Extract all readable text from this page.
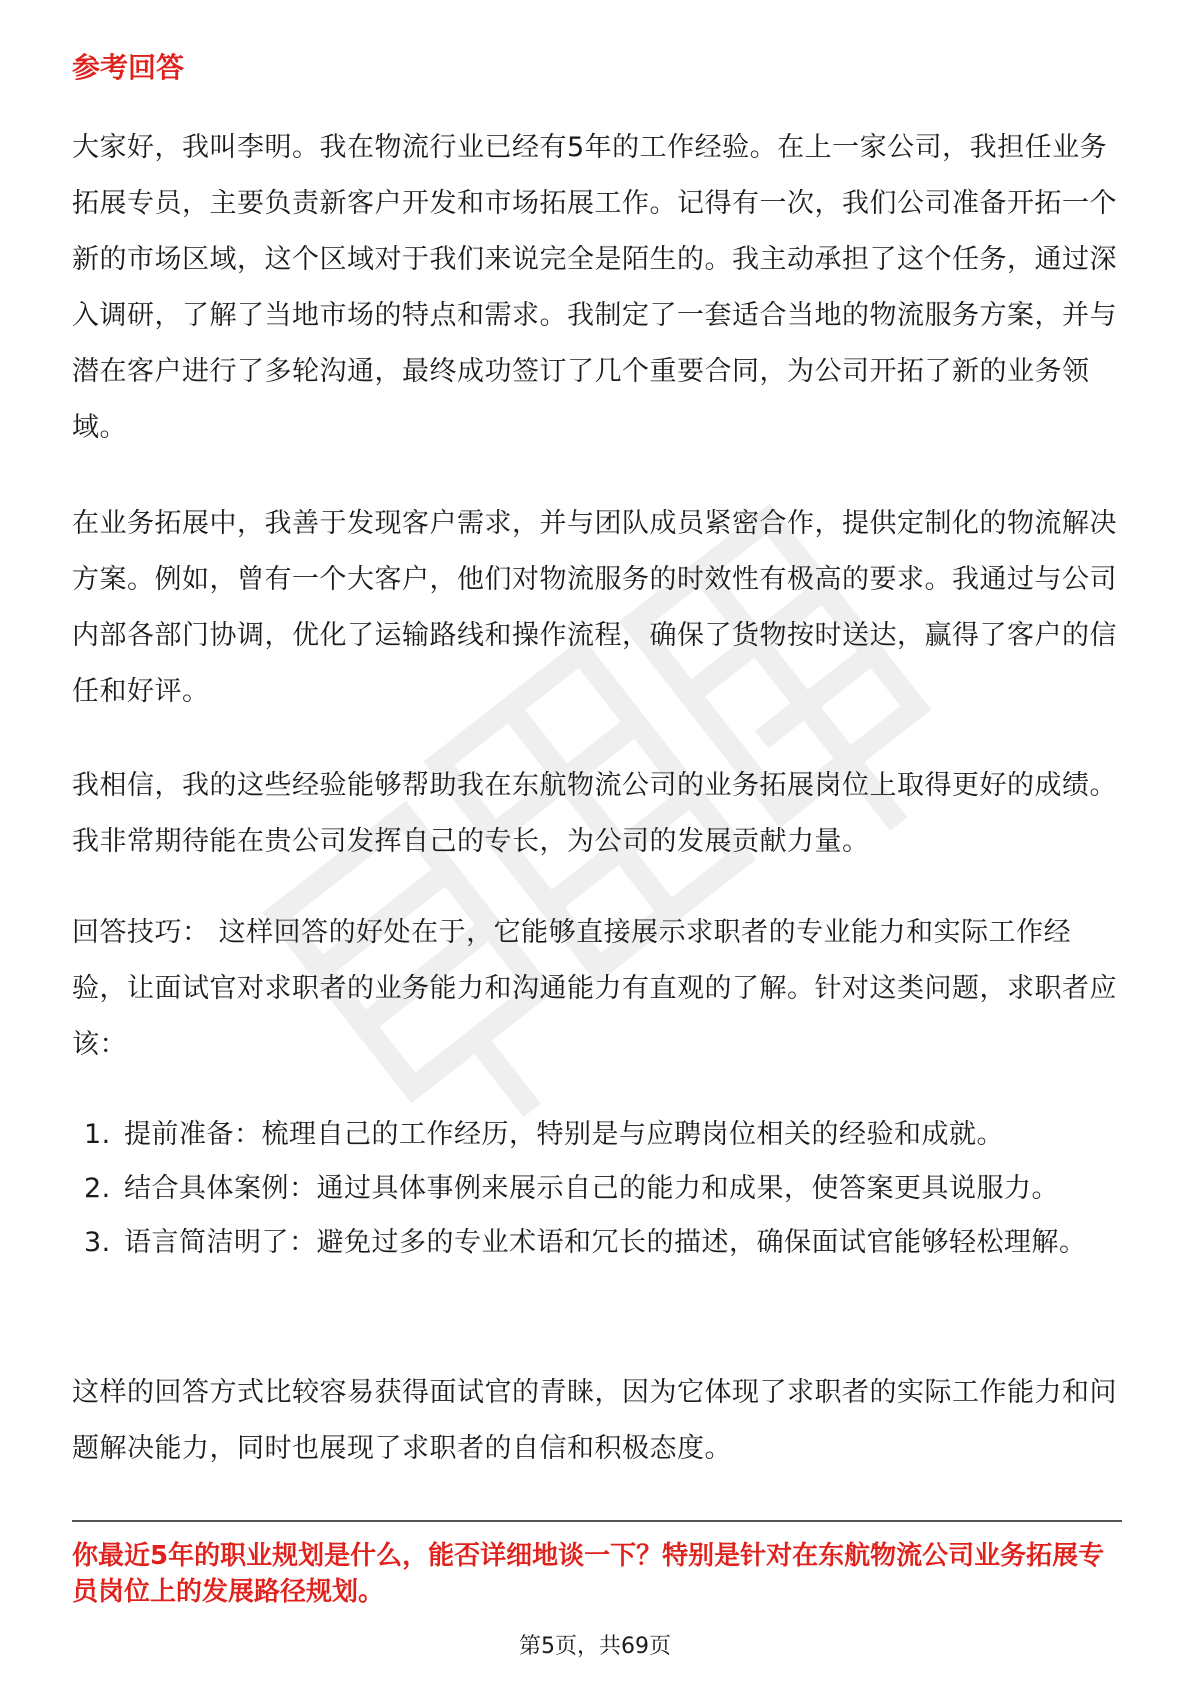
参考回答

大家好，我叫李明。我在物流行业已经有5年的工作经验。在上一家公司，我担任业务拓展专员，主要负责新客户开发和市场拓展工作。记得有一次，我们公司准备开拓一个新的市场区域，这个区域对于我们来说完全是陌生的。我主动承担了这个任务，通过深入调研，了解了当地市场的特点和需求。我制定了一套适合当地的物流服务方案，并与潜在客户进行了多轮沟通，最终成功签订了几个重要合同，为公司开拓了新的业务领域。

在业务拓展中，我善于发现客户需求，并与团队成员紧密合作，提供定制化的物流解决方案。例如，曾有一个大客户，他们对物流服务的时效性有极高的要求。我通过与公司内部各部门协调，优化了运输路线和操作流程，确保了货物按时送达，赢得了客户的信任和好评。

我相信，我的这些经验能够帮助我在东航物流公司的业务拓展岗位上取得更好的成绩。我非常期待能在贵公司发挥自己的专长，为公司的发展贡献力量。

回答技巧： 这样回答的好处在于，它能够直接展示求职者的专业能力和实际工作经验，让面试官对求职者的业务能力和沟通能力有直观的了解。针对这类问题，求职者应该：

1. 提前准备：梳理自己的工作经历，特别是与应聘岗位相关的经验和成就。
2. 结合具体案例：通过具体事例来展示自己的能力和成果，使答案更具说服力。
3. 语言简洁明了：避免过多的专业术语和冗长的描述，确保面试官能够轻松理解。

这样的回答方式比较容易获得面试官的青睐，因为它体现了求职者的实际工作能力和问题解决能力，同时也展现了求职者的自信和积极态度。

你最近5年的职业规划是什么，能否详细地谈一下？特别是针对在东航物流公司业务拓展专员岗位上的发展路径规划。

第5页，共69页
